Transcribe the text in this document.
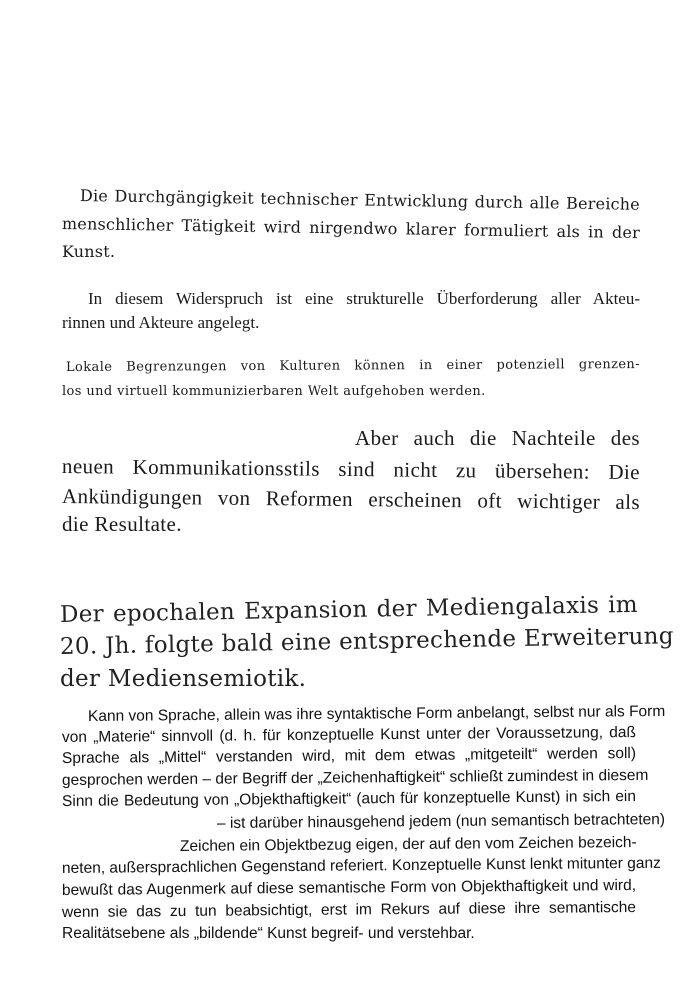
Die Durchgängigkeit technischer Entwicklung durch alle Bereiche
menschlicher Tätigkeit wird nirgendwo klarer formuliert als in der
Kunst.
In diesem Widerspruch ist eine strukturelle Überforderung aller Akteu-
rinnen und Akteure angelegt.
Lokale Begrenzungen von Kulturen können in einer potenziell grenzen-
los und virtuell kommunizierbaren Welt aufgehoben werden.
Aber auch die Nachteile des
neuen Kommunikationsstils sind nicht zu übersehen: Die
Ankündigungen von Reformen erscheinen oft wichtiger als
die Resultate.
Der epochalen Expansion der Mediengalaxis im
20. Jh. folgte bald eine entsprechende Erweiterung
der Mediensemiotik.
Kann von Sprache, allein was ihre syntaktische Form anbelangt, selbst nur als Form
von „Materie“ sinnvoll (d. h. für konzeptuelle Kunst unter der Voraussetzung, daß
Sprache als „Mittel“ verstanden wird, mit dem etwas „mitgeteilt“ werden soll)
gesprochen werden – der Begriff der „Zeichenhaftigkeit“ schließt zumindest in diesem
Sinn die Bedeutung von „Objekthaftigkeit“ (auch für konzeptuelle Kunst) in sich ein
– ist darüber hinausgehend jedem (nun semantisch betrachteten)
Zeichen ein Objektbezug eigen, der auf den vom Zeichen bezeich-
neten, außersprachlichen Gegenstand referiert. Konzeptuelle Kunst lenkt mitunter ganz
bewußt das Augenmerk auf diese semantische Form von Objekthaftigkeit und wird,
wenn sie das zu tun beabsichtigt, erst im Rekurs auf diese ihre semantische
Realitätsebene als „bildende“ Kunst begreif- und verstehbar.
